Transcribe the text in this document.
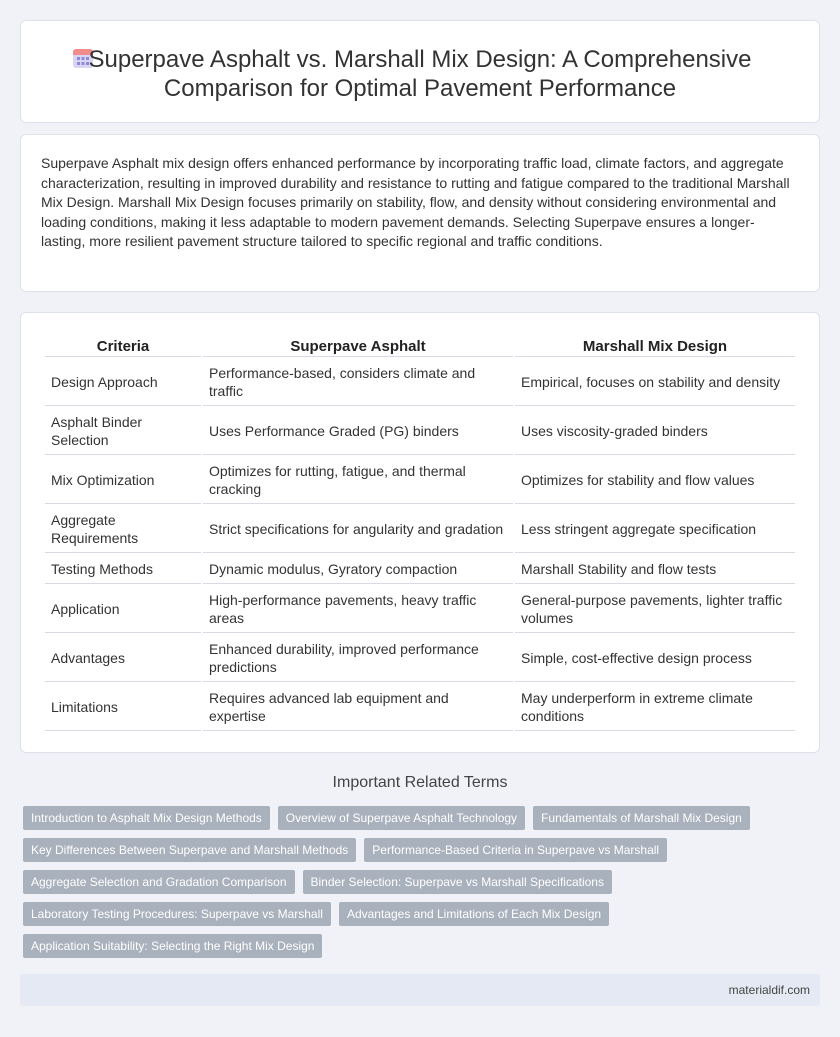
Superpave Asphalt vs. Marshall Mix Design: A Comprehensive Comparison for Optimal Pavement Performance

Superpave Asphalt mix design offers enhanced performance by incorporating traffic load, climate factors, and aggregate characterization, resulting in improved durability and resistance to rutting and fatigue compared to the traditional Marshall Mix Design. Marshall Mix Design focuses primarily on stability, flow, and density without considering environmental and loading conditions, making it less adaptable to modern pavement demands. Selecting Superpave ensures a longer-lasting, more resilient pavement structure tailored to specific regional and traffic conditions.

Criteria	Superpave Asphalt	Marshall Mix Design
Design Approach	Performance-based, considers climate and traffic	Empirical, focuses on stability and density
Asphalt Binder Selection	Uses Performance Graded (PG) binders	Uses viscosity-graded binders
Mix Optimization	Optimizes for rutting, fatigue, and thermal cracking	Optimizes for stability and flow values
Aggregate Requirements	Strict specifications for angularity and gradation	Less stringent aggregate specification
Testing Methods	Dynamic modulus, Gyratory compaction	Marshall Stability and flow tests
Application	High-performance pavements, heavy traffic areas	General-purpose pavements, lighter traffic volumes
Advantages	Enhanced durability, improved performance predictions	Simple, cost-effective design process
Limitations	Requires advanced lab equipment and expertise	May underperform in extreme climate conditions
Important Related Terms
Introduction to Asphalt Mix Design Methods	Overview of Superpave Asphalt Technology	Fundamentals of Marshall Mix Design
Key Differences Between Superpave and Marshall Methods	Performance-Based Criteria in Superpave vs Marshall
Aggregate Selection and Gradation Comparison	Binder Selection: Superpave vs Marshall Specifications
Laboratory Testing Procedures: Superpave vs Marshall	Advantages and Limitations of Each Mix Design
Application Suitability: Selecting the Right Mix Design
materialdif.com
